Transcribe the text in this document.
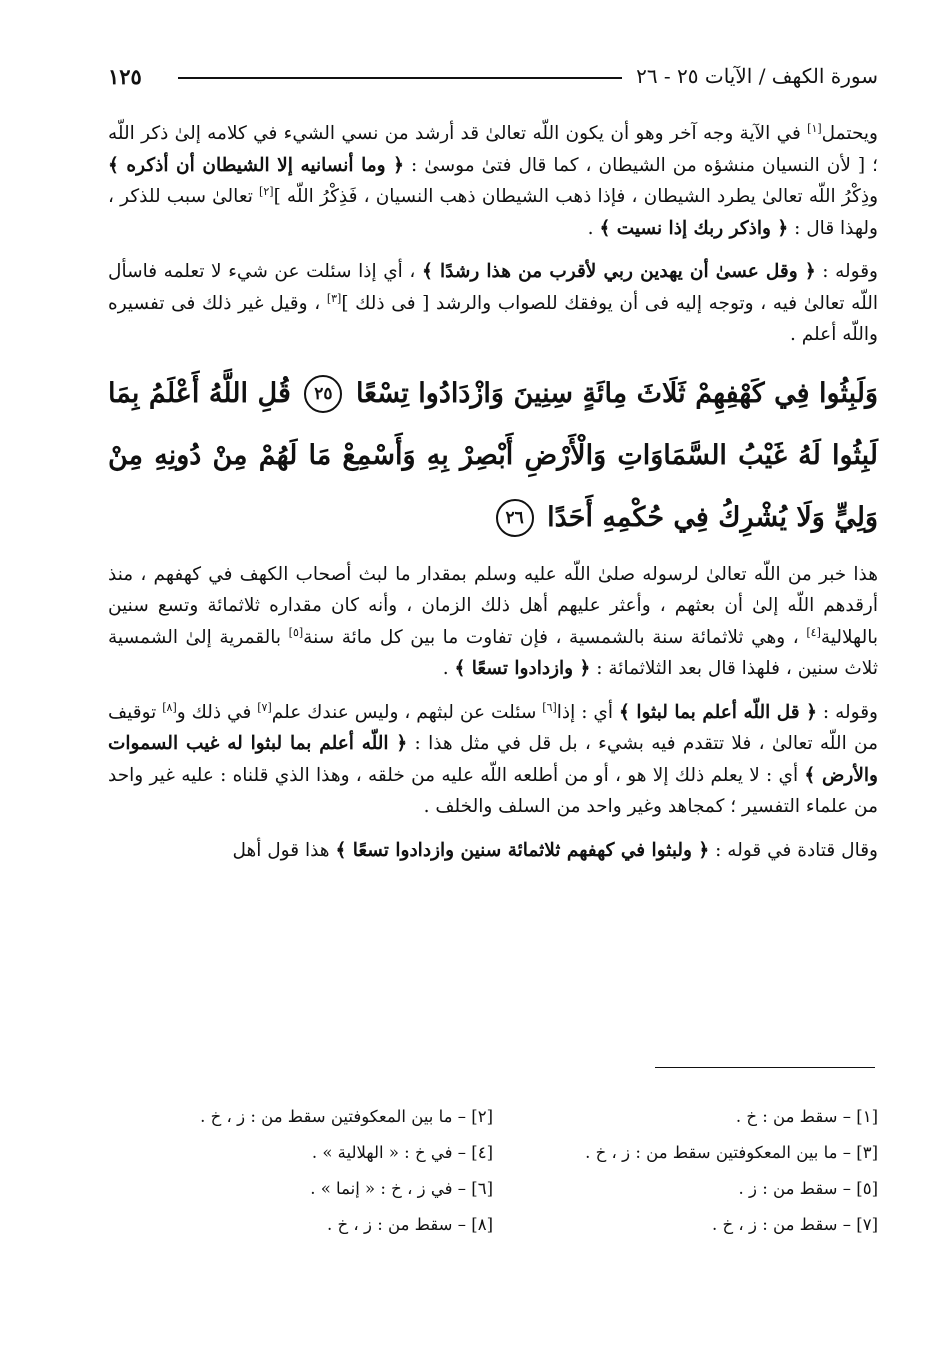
١٢٥	سورة الكهف / الآيات ٢٥ - ٢٦

ويحتمل[١] في الآية وجه آخر وهو أن يكون اللّه تعالىٰ قد أرشد من نسي الشيء في كلامه إلىٰ ذكر اللّه ؛ [ لأن النسيان منشؤه من الشيطان ، كما قال فتىٰ موسىٰ : ﴿ وما أنسانيه إلا الشيطان أن أذكره ﴾ وذِكْرُ اللّه تعالىٰ يطرد الشيطان ، فإذا ذهب الشيطان ذهب النسيان ، فَذِكْرُ اللّه ][٢] تعالىٰ سبب للذكر ، ولهذا قال : ﴿ واذكر ربك إذا نسيت ﴾ .

وقوله : ﴿ وقل عسىٰ أن يهدين ربي لأقرب من هذا رشدًا ﴾ ، أي إذا سئلت عن شيء لا تعلمه فاسأل اللّه تعالىٰ فيه ، وتوجه إليه فى أن يوفقك للصواب والرشد [ فى ذلك ][٣] ، وقيل غير ذلك فى تفسيره واللّه أعلم .

وَلَبِثُوا فِي كَهْفِهِمْ ثَلَاثَ مِائَةٍ سِنِينَ وَازْدَادُوا تِسْعًا ٢٥ قُلِ اللَّهُ أَعْلَمُ بِمَا لَبِثُوا لَهُ غَيْبُ السَّمَاوَاتِ وَالْأَرْضِ أَبْصِرْ بِهِ وَأَسْمِعْ مَا لَهُمْ مِنْ دُونِهِ مِنْ وَلِيٍّ وَلَا يُشْرِكُ فِي حُكْمِهِ أَحَدًا ٢٦

هذا خبر من اللّه تعالىٰ لرسوله صلىٰ اللّه عليه وسلم بمقدار ما لبث أصحاب الكهف في كهفهم ، منذ أرقدهم اللّه إلىٰ أن بعثهم ، وأعثر عليهم أهل ذلك الزمان ، وأنه كان مقداره ثلاثمائة وتسع سنين بالهلالية[٤] ، وهي ثلاثمائة سنة بالشمسية ، فإن تفاوت ما بين كل مائة سنة[٥] بالقمرية إلىٰ الشمسية ثلاث سنين ، فلهذا قال بعد الثلاثمائة : ﴿ وازدادوا تسعًا ﴾ .

وقوله : ﴿ قل اللّه أعلم بما لبثوا ﴾ أي : إذا[٦] سئلت عن لبثهم ، وليس عندك علم[٧] في ذلك و[٨] توقيف من اللّه تعالىٰ ، فلا تتقدم فيه بشيء ، بل قل في مثل هذا : ﴿ اللّه أعلم بما لبثوا له غيب السموات والأرض ﴾ أي : لا يعلم ذلك إلا هو ، أو من أطلعه اللّه عليه من خلقه ، وهذا الذي قلناه : عليه غير واحد من علماء التفسير ؛ كمجاهد وغير واحد من السلف والخلف .

وقال قتادة في قوله : ﴿ ولبثوا في كهفهم ثلاثمائة سنين وازدادوا تسعًا ﴾ هذا قول أهل

[١] – سقط من : خ .
[٢] – ما بين المعكوفتين سقط من : ز ، خ .
[٣] – ما بين المعكوفتين سقط من : ز ، خ .
[٤] – في خ : « الهلالية » .
[٥] – سقط من : ز .
[٦] – في ز ، خ : « إنما » .
[٧] – سقط من : ز ، خ .
[٨] – سقط من : ز ، خ .
